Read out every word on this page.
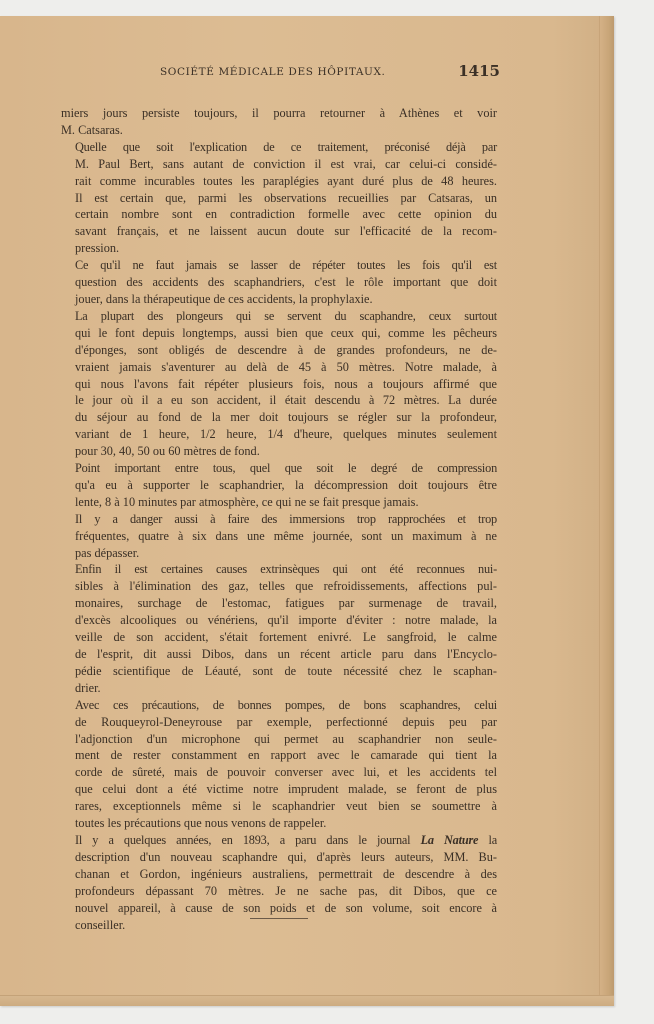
SOCIÉTÉ MÉDICALE DES HÔPITAUX.	1415

miers jours persiste toujours, il pourra retourner à Athènes et voir
M. Catsaras.

Quelle que soit l'explication de ce traitement, préconisé déjà par
M. Paul Bert, sans autant de conviction il est vrai, car celui-ci considé-
rait comme incurables toutes les paraplégies ayant duré plus de 48 heures.
Il est certain que, parmi les observations recueillies par Catsaras, un
certain nombre sont en contradiction formelle avec cette opinion du
savant français, et ne laissent aucun doute sur l'efficacité de la recom-
pression.

Ce qu'il ne faut jamais se lasser de répéter toutes les fois qu'il est
question des accidents des scaphandriers, c'est le rôle important que doit
jouer, dans la thérapeutique de ces accidents, la prophylaxie.

La plupart des plongeurs qui se servent du scaphandre, ceux surtout
qui le font depuis longtemps, aussi bien que ceux qui, comme les pêcheurs
d'éponges, sont obligés de descendre à de grandes profondeurs, ne de-
vraient jamais s'aventurer au delà de 45 à 50 mètres. Notre malade, à
qui nous l'avons fait répéter plusieurs fois, nous a toujours affirmé que
le jour où il a eu son accident, il était descendu à 72 mètres. La durée
du séjour au fond de la mer doit toujours se régler sur la profondeur,
variant de 1 heure, 1/2 heure, 1/4 d'heure, quelques minutes seulement
pour 30, 40, 50 ou 60 mètres de fond.

Point important entre tous, quel que soit le degré de compression
qu'a eu à supporter le scaphandrier, la décompression doit toujours être
lente, 8 à 10 minutes par atmosphère, ce qui ne se fait presque jamais.

Il y a danger aussi à faire des immersions trop rapprochées et trop
fréquentes, quatre à six dans une même journée, sont un maximum à ne
pas dépasser.

Enfin il est certaines causes extrinsèques qui ont été reconnues nui-
sibles à l'élimination des gaz, telles que refroidissements, affections pul-
monaires, surchage de l'estomac, fatigues par surmenage de travail,
d'excès alcooliques ou vénériens, qu'il importe d'éviter : notre malade, la
veille de son accident, s'était fortement enivré. Le sangfroid, le calme
de l'esprit, dit aussi Dibos, dans un récent article paru dans l'Encyclo-
pédie scientifique de Léauté, sont de toute nécessité chez le scaphan-
drier.

Avec ces précautions, de bonnes pompes, de bons scaphandres, celui
de Rouqueyrol-Deneyrouse par exemple, perfectionné depuis peu par
l'adjonction d'un microphone qui permet au scaphandrier non seule-
ment de rester constamment en rapport avec le camarade qui tient la
corde de sûreté, mais de pouvoir converser avec lui, et les accidents tel
que celui dont a été victime notre imprudent malade, se feront de plus
rares, exceptionnels même si le scaphandrier veut bien se soumettre à
toutes les précautions que nous venons de rappeler.

Il y a quelques années, en 1893, a paru dans le journal La Nature la
description d'un nouveau scaphandre qui, d'après leurs auteurs, MM. Bu-
chanan et Gordon, ingénieurs australiens, permettrait de descendre à des
profondeurs dépassant 70 mètres. Je ne sache pas, dit Dibos, que ce
nouvel appareil, à cause de son poids et de son volume, soit encore à
conseiller.
